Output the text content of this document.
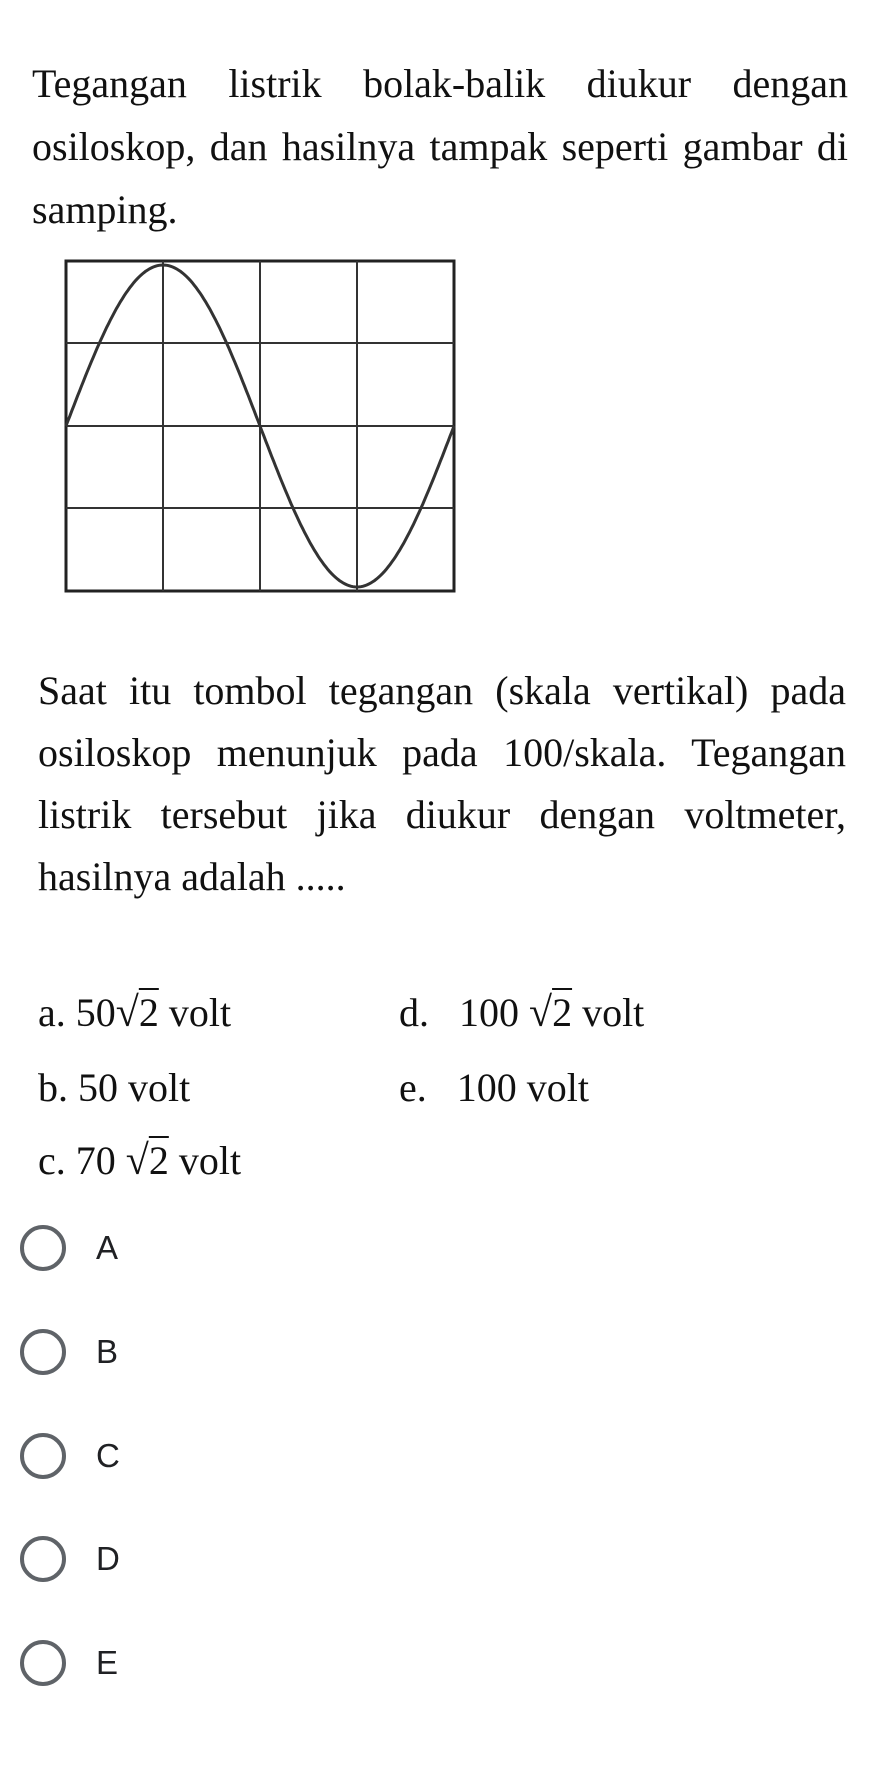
Tegangan listrik bolak-balik diukur dengan osiloskop, dan hasilnya tampak seperti gambar di samping.
Saat itu tombol tegangan (skala vertikal) pada osiloskop menunjuk pada 100/skala. Tegangan listrik tersebut jika diukur dengan voltmeter, hasilnya adalah .....
a. 50√2 volt
b. 50 volt
c. 70 √2 volt
d. 100 √2 volt
e. 100 volt
A
B
C
D
E
